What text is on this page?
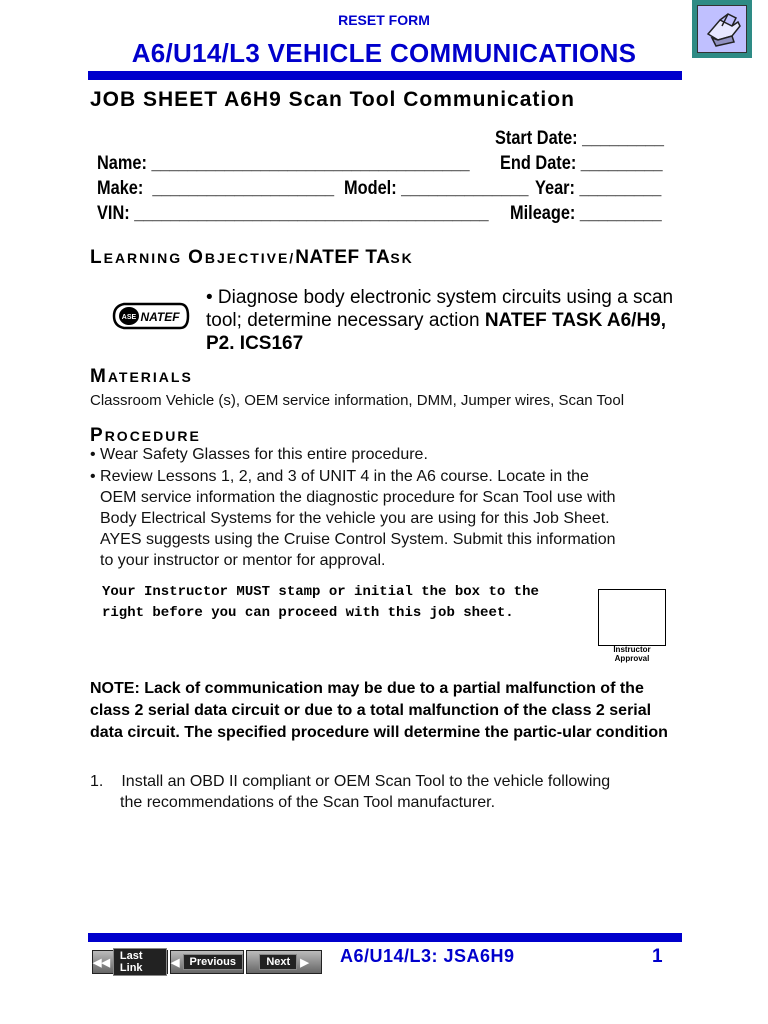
RESET FORM
A6/U14/L3 VEHICLE COMMUNICATIONS
JOB SHEET A6H9 Scan Tool Communication
Start Date: _________
Name: ___________________________________ End Date: _________
Make:  ____________________ Model: ______________ Year: _________
VIN: _______________________________________ Mileage: _________
LEARNING OBJECTIVE/NATEF TASK
ASE NATEF
• Diagnose body electronic system circuits using a scan tool; determine necessary action NATEF TASK A6/H9, P2. ICS167
MATERIALS
Classroom Vehicle (s), OEM service information, DMM, Jumper wires, Scan Tool
PROCEDURE
• Wear Safety Glasses for this entire procedure.
• Review Lessons 1, 2, and 3 of UNIT 4 in the A6 course. Locate in the
OEM service information the diagnostic procedure for Scan Tool use with
Body Electrical Systems for the vehicle you are using for this Job Sheet.
AYES suggests using the Cruise Control System. Submit this information
to your instructor or mentor for approval.
Your Instructor MUST stamp or initial the box to the right before you can proceed with this job sheet.
Instructor
Approval
NOTE: Lack of communication may be due to a partial malfunction of the class 2 serial data circuit or due to a total malfunction of the class 2 serial data circuit. The specified procedure will determine the partic-ular condition
1. Install an OBD II compliant or OEM Scan Tool to the vehicle following
the recommendations of the Scan Tool manufacturer.
◀◀
Last Link	◀ Previous	Next ▶ A6/U14/L3: JSA6H9	1
